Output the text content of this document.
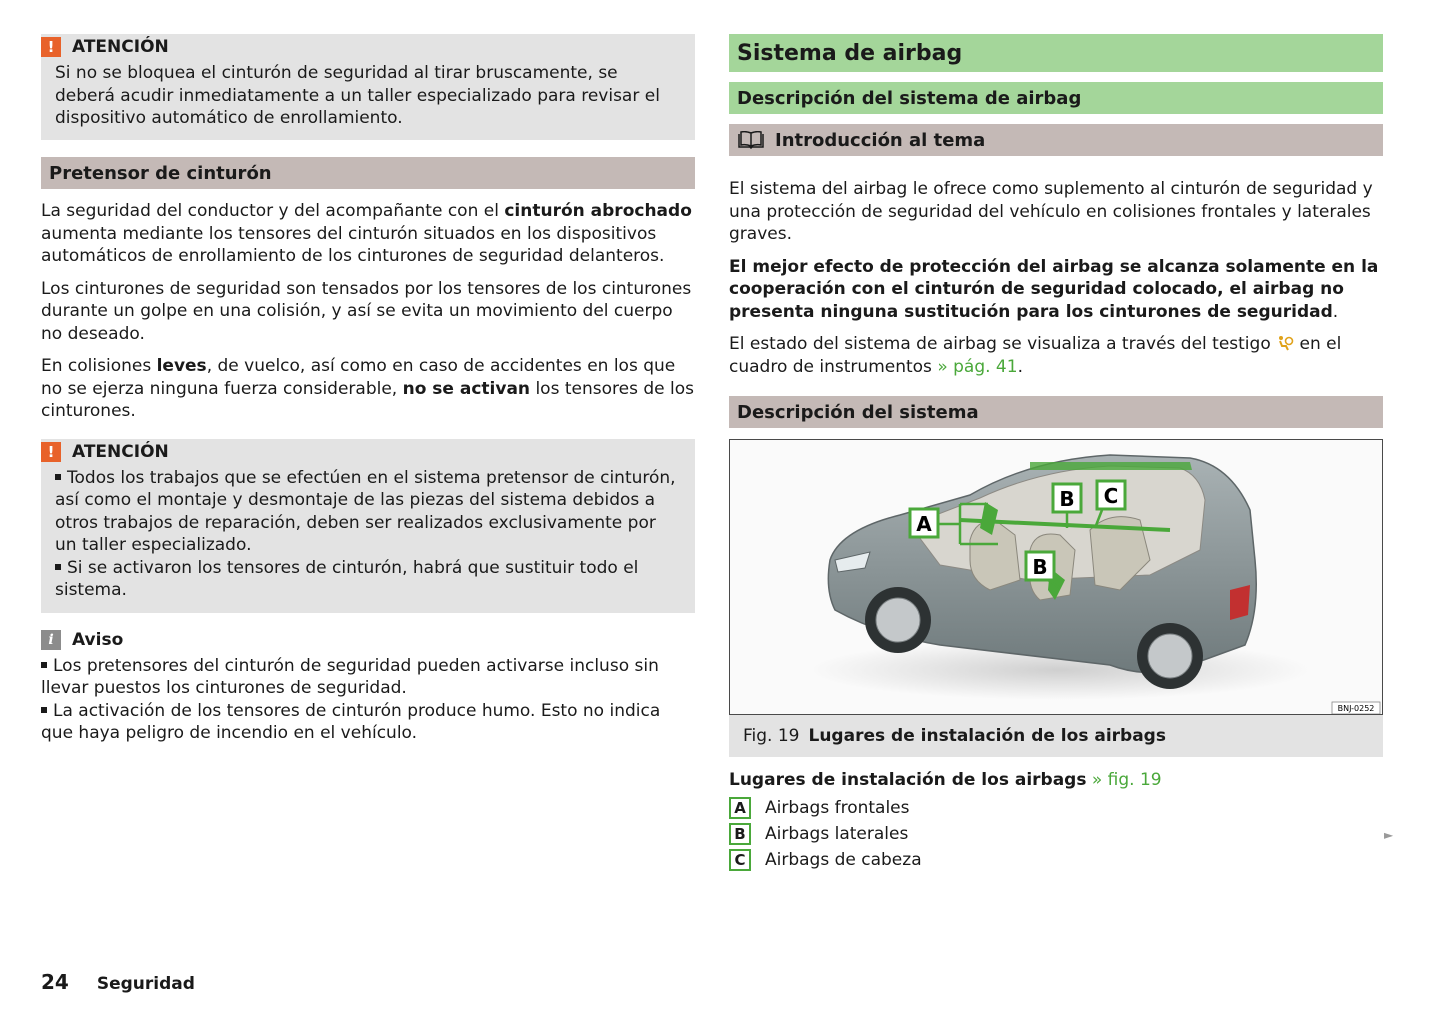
!	ATENCIÓN

Si no se bloquea el cinturón de seguridad al tirar bruscamente, se deberá acudir inmediatamente a un taller especializado para revisar el dispositivo automático de enrollamiento.

Pretensor de cinturón

La seguridad del conductor y del acompañante con el cinturón abrochado aumenta mediante los tensores del cinturón situados en los dispositivos automáticos de enrollamiento de los cinturones de seguridad delanteros.

Los cinturones de seguridad son tensados por los tensores de los cinturones durante un golpe en una colisión, y así se evita un movimiento del cuerpo no deseado.

En colisiones leves, de vuelco, así como en caso de accidentes en los que no se ejerza ninguna fuerza considerable, no se activan los tensores de los cinturones.

!	ATENCIÓN

Todos los trabajos que se efectúen en el sistema pretensor de cinturón, así como el montaje y desmontaje de las piezas del sistema debidos a otros trabajos de reparación, deben ser realizados exclusivamente por un taller especializado.

Si se activaron los tensores de cinturón, habrá que sustituir todo el sistema.

i	Aviso

Los pretensores del cinturón de seguridad pueden activarse incluso sin llevar puestos los cinturones de seguridad.

La activación de los tensores de cinturón produce humo. Esto no indica que haya peligro de incendio en el vehículo.

Sistema de airbag
Descripción del sistema de airbag
Introducción al tema

El sistema del airbag le ofrece como suplemento al cinturón de seguridad y una protección de seguridad del vehículo en colisiones frontales y laterales graves.

El mejor efecto de protección del airbag se alcanza solamente en la cooperación con el cinturón de seguridad colocado, el airbag no presenta ninguna sustitución para los cinturones de seguridad.

El estado del sistema de airbag se visualiza a través del testigo  en el cuadro de instrumentos » pág. 41.

Descripción del sistema
A
B
B
C
BNJ-0252
Fig. 19 Lugares de instalación de los airbags

Lugares de instalación de los airbags » fig. 19

A	Airbags frontales
B	Airbags laterales
C	Airbags de cabeza
►
24 Seguridad
